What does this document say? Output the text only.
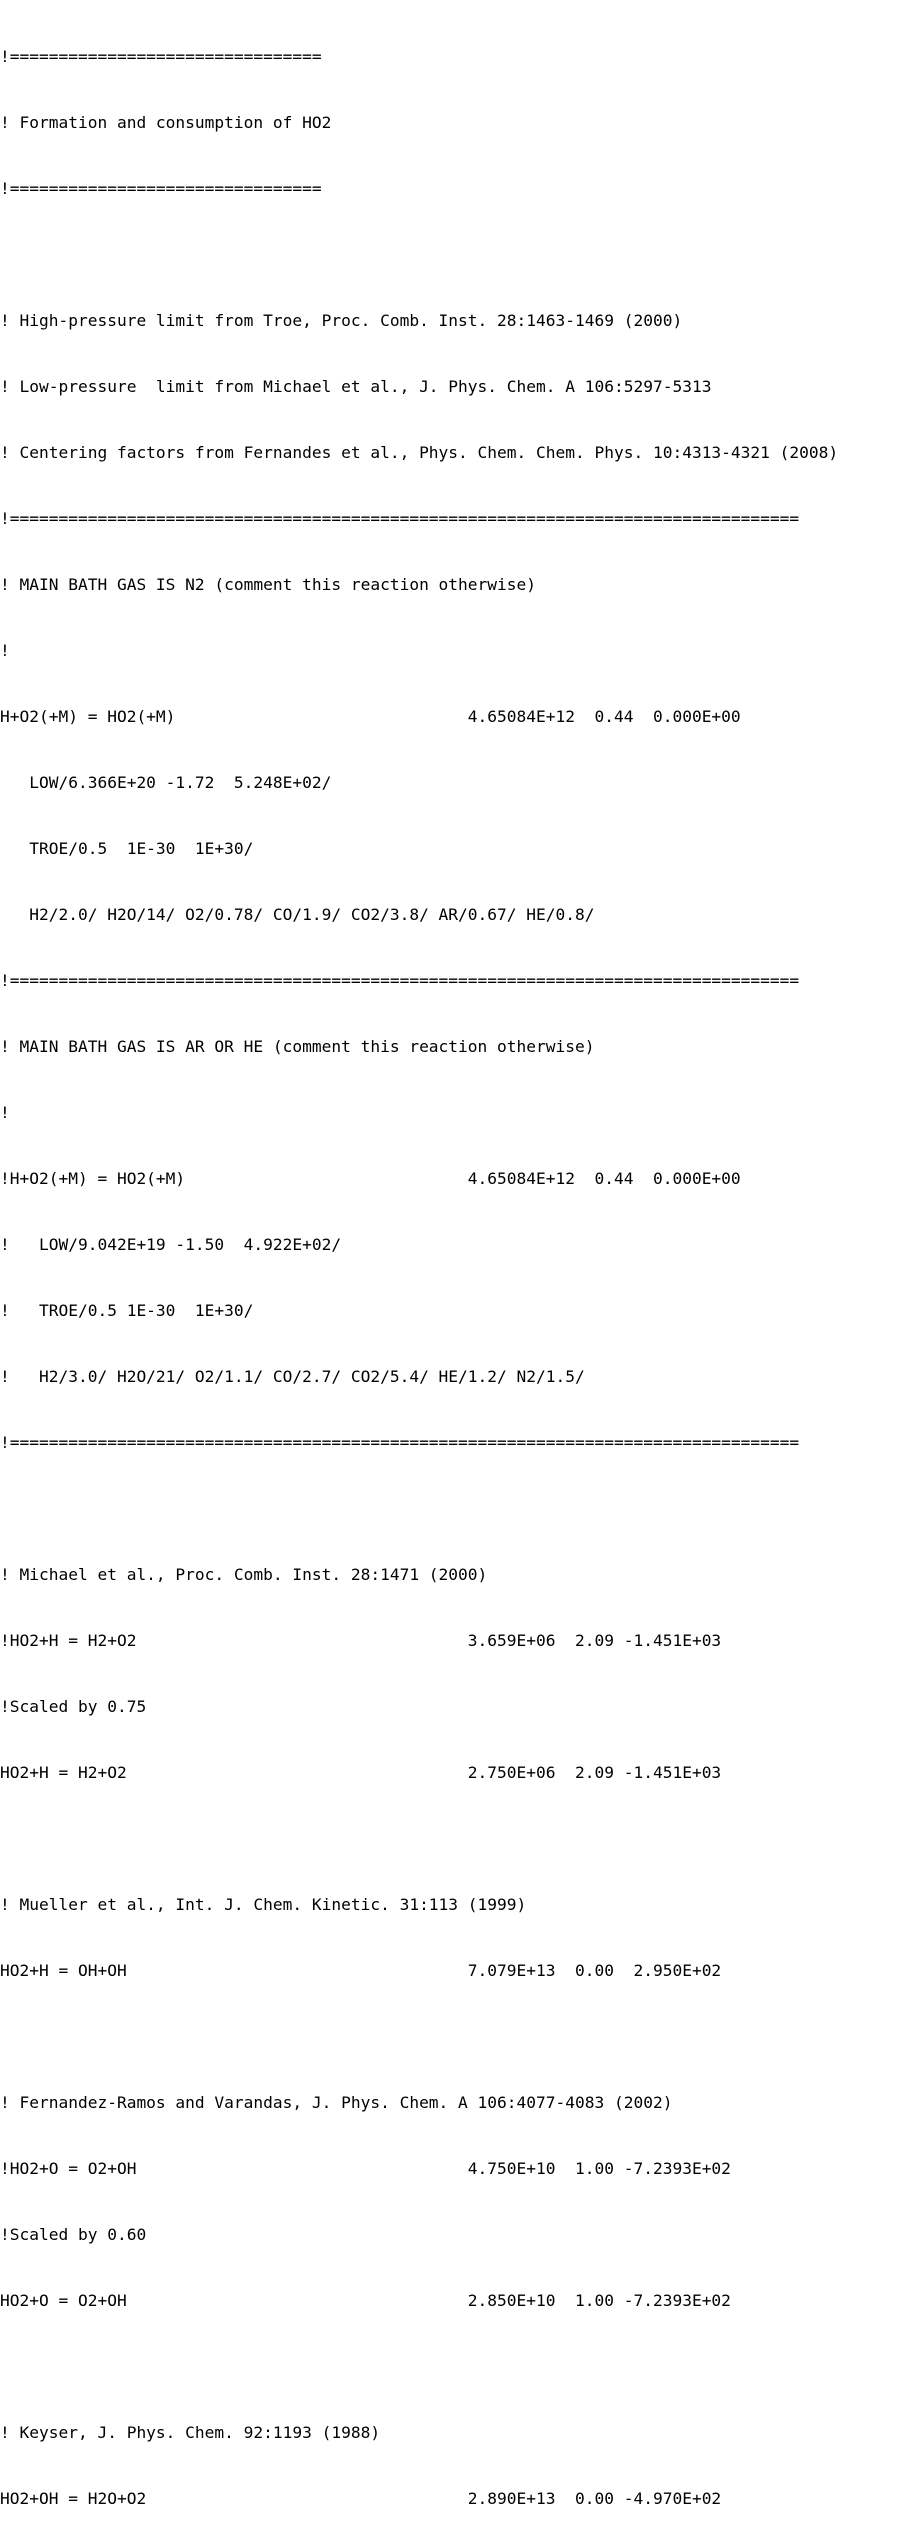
!================================

! Formation and consumption of HO2

!================================

! High-pressure limit from Troe, Proc. Comb. Inst. 28:1463-1469 (2000)

! Low-pressure  limit from Michael et al., J. Phys. Chem. A 106:5297-5313

! Centering factors from Fernandes et al., Phys. Chem. Chem. Phys. 10:4313-4321 (2008)

!=================================================================================

! MAIN BATH GAS IS N2 (comment this reaction otherwise)

!

H+O2(+M) = HO2(+M)                              4.65084E+12  0.44  0.000E+00

LOW/6.366E+20 -1.72  5.248E+02/

TROE/0.5  1E-30  1E+30/

H2/2.0/ H2O/14/ O2/0.78/ CO/1.9/ CO2/3.8/ AR/0.67/ HE/0.8/

!=================================================================================

! MAIN BATH GAS IS AR OR HE (comment this reaction otherwise)

!

!H+O2(+M) = HO2(+M)                             4.65084E+12  0.44  0.000E+00

!   LOW/9.042E+19 -1.50  4.922E+02/

!   TROE/0.5 1E-30  1E+30/

!   H2/3.0/ H2O/21/ O2/1.1/ CO/2.7/ CO2/5.4/ HE/1.2/ N2/1.5/

!=================================================================================

! Michael et al., Proc. Comb. Inst. 28:1471 (2000)

!HO2+H = H2+O2                                  3.659E+06  2.09 -1.451E+03

!Scaled by 0.75

HO2+H = H2+O2                                   2.750E+06  2.09 -1.451E+03

! Mueller et al., Int. J. Chem. Kinetic. 31:113 (1999)

HO2+H = OH+OH                                   7.079E+13  0.00  2.950E+02

! Fernandez-Ramos and Varandas, J. Phys. Chem. A 106:4077-4083 (2002)

!HO2+O = O2+OH                                  4.750E+10  1.00 -7.2393E+02

!Scaled by 0.60

HO2+O = O2+OH                                   2.850E+10  1.00 -7.2393E+02

! Keyser, J. Phys. Chem. 92:1193 (1988)

HO2+OH = H2O+O2                                 2.890E+13  0.00 -4.970E+02
